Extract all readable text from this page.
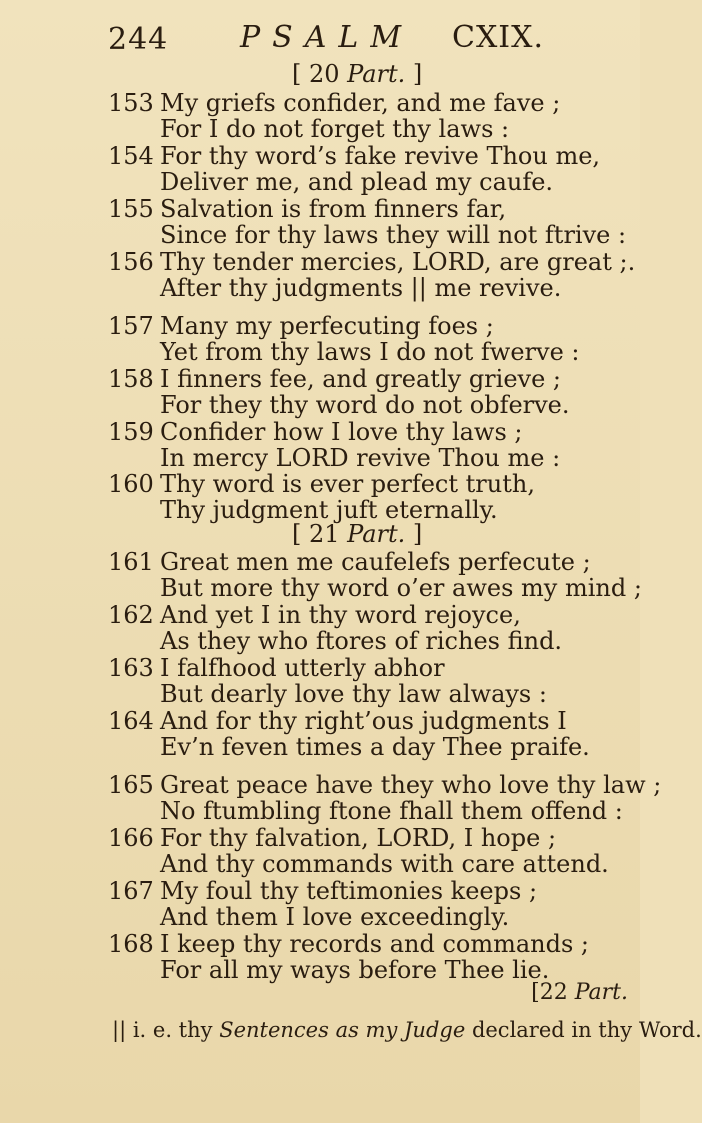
244 PSALM CXIX.
[ 20 Part. ]
153 My griefs confider, and me fave ;
For I do not forget thy laws :
154 For thy word’s fake revive Thou me,
Deliver me, and plead my caufe.
155 Salvation is from finners far,
Since for thy laws they will not ftrive :
156 Thy tender mercies, LORD, are great ;.
After thy judgments || me revive.
157 Many my perfecuting foes ;
Yet from thy laws I do not fwerve :
158 I finners fee, and greatly grieve ;
For they thy word do not obferve.
159 Confider how I love thy laws ;
In mercy LORD revive Thou me :
160 Thy word is ever perfect truth,
Thy judgment juft eternally.
[ 21 Part. ]
161 Great men me caufelefs perfecute ;
But more thy word o’er awes my mind ;
162 And yet I in thy word rejoyce,
As they who ftores of riches find.
163 I falfhood utterly abhor
But dearly love thy law always :
164 And for thy right’ous judgments I
Ev’n feven times a day Thee praife.
165 Great peace have they who love thy law ;
No ftumbling ftone fhall them offend :
166 For thy falvation, LORD, I hope ;
And thy commands with care attend.
167 My foul thy teftimonies keeps ;
And them I love exceedingly.
168 I keep thy records and commands ;
For all my ways before Thee lie.
[22 Part.
|| i. e. thy Sentences as my Judge declared in thy Word.
